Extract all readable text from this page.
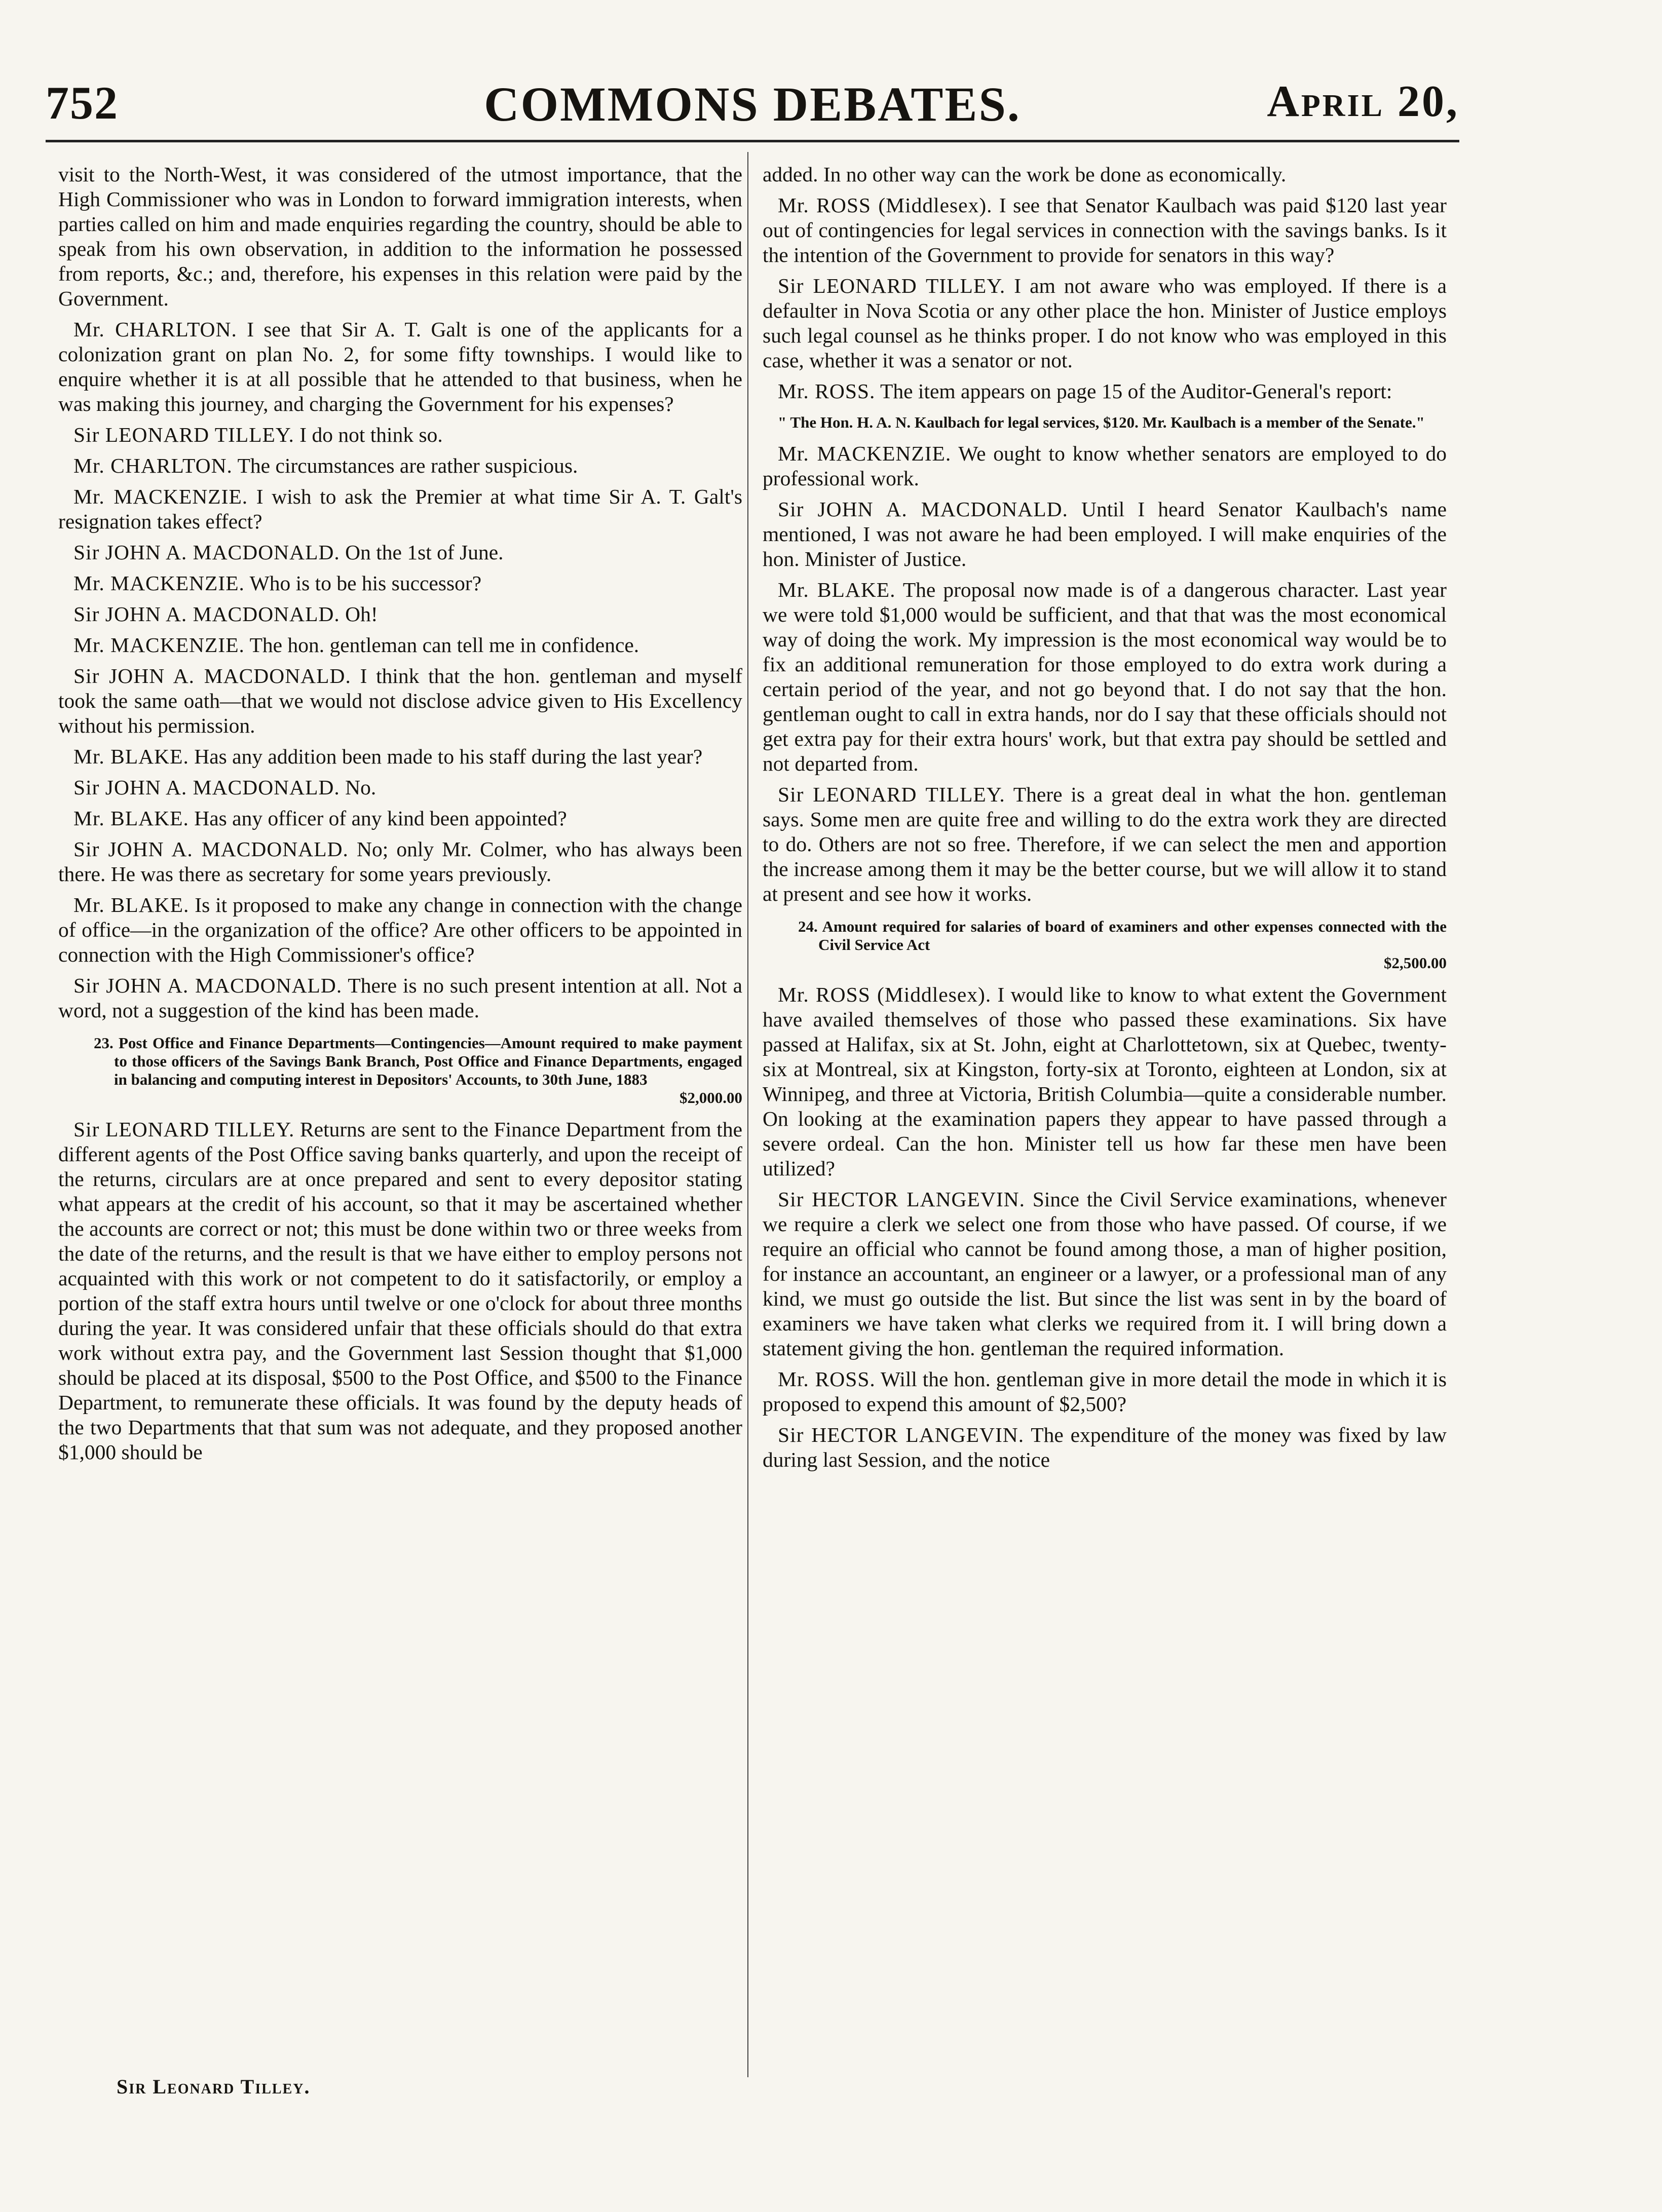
752	COMMONS DEBATES.	April 20,

visit to the North-West, it was considered of the utmost importance, that the High Commissioner who was in London to forward immigration interests, when parties called on him and made enquiries regarding the country, should be able to speak from his own observation, in addition to the information he possessed from reports, &c.; and, therefore, his expenses in this relation were paid by the Government.

Mr. CHARLTON. I see that Sir A. T. Galt is one of the applicants for a colonization grant on plan No. 2, for some fifty townships. I would like to enquire whether it is at all possible that he attended to that business, when he was making this journey, and charging the Government for his expenses?

Sir LEONARD TILLEY. I do not think so.

Mr. CHARLTON. The circumstances are rather suspicious.

Mr. MACKENZIE. I wish to ask the Premier at what time Sir A. T. Galt's resignation takes effect?

Sir JOHN A. MACDONALD. On the 1st of June.

Mr. MACKENZIE. Who is to be his successor?

Sir JOHN A. MACDONALD. Oh!

Mr. MACKENZIE. The hon. gentleman can tell me in confidence.

Sir JOHN A. MACDONALD. I think that the hon. gentleman and myself took the same oath—that we would not disclose advice given to His Excellency without his permission.

Mr. BLAKE. Has any addition been made to his staff during the last year?

Sir JOHN A. MACDONALD. No.

Mr. BLAKE. Has any officer of any kind been appointed?

Sir JOHN A. MACDONALD. No; only Mr. Colmer, who has always been there. He was there as secretary for some years previously.

Mr. BLAKE. Is it proposed to make any change in connection with the change of office—in the organization of the office? Are other officers to be appointed in connection with the High Commissioner's office?

Sir JOHN A. MACDONALD. There is no such present intention at all. Not a word, not a suggestion of the kind has been made.

23. Post Office and Finance Departments—Contingencies—Amount required to make payment to those officers of the Savings Bank Branch, Post Office and Finance Departments, engaged in balancing and computing interest in Depositors' Accounts, to 30th June, 1883
$2,000.00

Sir LEONARD TILLEY. Returns are sent to the Finance Department from the different agents of the Post Office saving banks quarterly, and upon the receipt of the returns, circulars are at once prepared and sent to every depositor stating what appears at the credit of his account, so that it may be ascertained whether the accounts are correct or not; this must be done within two or three weeks from the date of the returns, and the result is that we have either to employ persons not acquainted with this work or not competent to do it satisfactorily, or employ a portion of the staff extra hours until twelve or one o'clock for about three months during the year. It was considered unfair that these officials should do that extra work without extra pay, and the Government last Session thought that $1,000 should be placed at its disposal, $500 to the Post Office, and $500 to the Finance Department, to remunerate these officials. It was found by the deputy heads of the two Departments that that sum was not adequate, and they proposed another $1,000 should be

added. In no other way can the work be done as economically.

Mr. ROSS (Middlesex). I see that Senator Kaulbach was paid $120 last year out of contingencies for legal services in connection with the savings banks. Is it the intention of the Government to provide for senators in this way?

Sir LEONARD TILLEY. I am not aware who was employed. If there is a defaulter in Nova Scotia or any other place the hon. Minister of Justice employs such legal counsel as he thinks proper. I do not know who was employed in this case, whether it was a senator or not.

Mr. ROSS. The item appears on page 15 of the Auditor-General's report:

" The Hon. H. A. N. Kaulbach for legal services, $120. Mr. Kaulbach is a member of the Senate."

Mr. MACKENZIE. We ought to know whether senators are employed to do professional work.

Sir JOHN A. MACDONALD. Until I heard Senator Kaulbach's name mentioned, I was not aware he had been employed. I will make enquiries of the hon. Minister of Justice.

Mr. BLAKE. The proposal now made is of a dangerous character. Last year we were told $1,000 would be sufficient, and that that was the most economical way of doing the work. My impression is the most economical way would be to fix an additional remuneration for those employed to do extra work during a certain period of the year, and not go beyond that. I do not say that the hon. gentleman ought to call in extra hands, nor do I say that these officials should not get extra pay for their extra hours' work, but that extra pay should be settled and not departed from.

Sir LEONARD TILLEY. There is a great deal in what the hon. gentleman says. Some men are quite free and willing to do the extra work they are directed to do. Others are not so free. Therefore, if we can select the men and apportion the increase among them it may be the better course, but we will allow it to stand at present and see how it works.

24. Amount required for salaries of board of examiners and other expenses connected with the Civil Service Act
$2,500.00

Mr. ROSS (Middlesex). I would like to know to what extent the Government have availed themselves of those who passed these examinations. Six have passed at Halifax, six at St. John, eight at Charlottetown, six at Quebec, twenty-six at Montreal, six at Kingston, forty-six at Toronto, eighteen at London, six at Winnipeg, and three at Victoria, British Columbia—quite a considerable number. On looking at the examination papers they appear to have passed through a severe ordeal. Can the hon. Minister tell us how far these men have been utilized?

Sir HECTOR LANGEVIN. Since the Civil Service examinations, whenever we require a clerk we select one from those who have passed. Of course, if we require an official who cannot be found among those, a man of higher position, for instance an accountant, an engineer or a lawyer, or a professional man of any kind, we must go outside the list. But since the list was sent in by the board of examiners we have taken what clerks we required from it. I will bring down a statement giving the hon. gentleman the required information.

Mr. ROSS. Will the hon. gentleman give in more detail the mode in which it is proposed to expend this amount of $2,500?

Sir HECTOR LANGEVIN. The expenditure of the money was fixed by law during last Session, and the notice

Sir Leonard Tilley.
